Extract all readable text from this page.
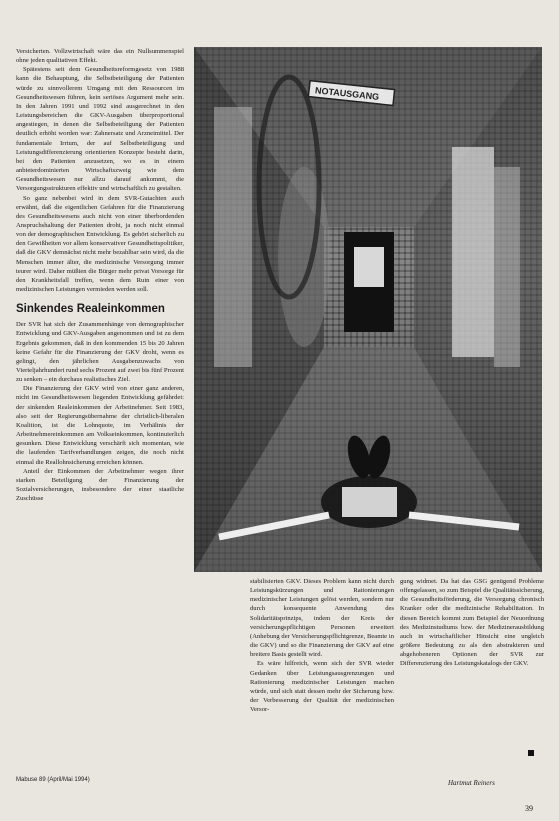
Versicherten. Vollzwirtschaft wäre das ein Nullsummenspiel ohne jeden qualitativen Effekt.

Spätestens seit dem Gesundheitsreformgesetz von 1988 kann die Behauptung, die Selbstbeteiligung der Patienten würde zu sinnvollerem Umgang mit den Ressourcen im Gesundheitswesen führen, kein seriöses Argument mehr sein. In den Jahren 1991 und 1992 sind ausgerechnet in den Leistungsbereichen die GKV-Ausgaben überproportional angestiegen, in denen die Selbstbeteiligung der Patienten deutlich erhöht worden war: Zahnersatz und Arzneimittel. Der fundamentale Irrtum, der auf Selbstbeteiligung und Leistungsdifferenzierung orientierten Konzepte besteht darin, bei den Patienten anzusetzen, wo es in einem anbieterdominierten Wirtschaftszweig wie dem Gesundheitswesen nur allzu darauf ankommt, die Versorgungsstrukturen effektiv und wirtschaftlich zu gestalten.

So ganz nebenbei wird in dem SVR-Gutachten auch erwähnt, daß die eigentlichen Gefahren für die Finanzierung des Gesundheitswesens auch nicht von einer überbordenden Anspruchshaltung der Patienten droht, ja noch nicht einmal von der demographischen Entwicklung. Es gehört sicherlich zu den Gewißheiten vor allem konservativer Gesundheitspolitiker, daß die GKV demnächst nicht mehr bezahlbar sein wird, da die Menschen immer älter, die medizinische Versorgung immer teurer wird. Daher müßten die Bürger mehr privat Vorsorge für den Krankheitsfall treffen, wenn dem Ruin einer von medizinischen Leistungen vermieden werden soll.

Sinkendes Realeinkommen

Der SVR hat sich der Zusammenhänge von demographischer Entwicklung und GKV-Ausgaben angenommen und ist zu dem Ergebnis gekommen, daß in den kommenden 15 bis 20 Jahren keine Gefahr für die Finanzierung der GKV droht, wenn es gelingt, den jährlichen Ausgabenzuwachs von Vierteljahrhundert rund sechs Prozent auf zwei bis fünf Prozent zu senken – ein durchaus realistisches Ziel.

Die Finanzierung der GKV wird von einer ganz anderen, nicht im Gesundheitswesen liegenden Entwicklung gefährdet: der sinkenden Realeinkommen der Arbeitnehmer. Seit 1983, also seit der Regierungsübernahme der christlich-liberalen Koalition, ist die Lohnquote, im Verhältnis der Arbeitnehmereinkommen am Volkseinkommen, kontinuierlich gesunken. Diese Entwicklung verschärft sich momentan, wie die laufenden Tarifverhandlungen zeigen, die noch nicht einmal die Reallohnsicherung erreichen können.

Anteil der Einkommen der Arbeitnehmer wegen ihrer starken Beteiligung der Finanzierung der Sozialversicherungen, insbesondere der einer staatliche Zuschüsse

NOTAUSGANG

stabilisierten GKV. Dieses Problem kann nicht durch Leistungskürzungen und Rationierungen medizinischer Leistungen gelöst werden, sondern nur durch konsequente Anwendung des Solidaritätsprinzips, indem der Kreis der versicherungspflichtigen Personen erweitert (Anhebung der Versicherungspflichtgrenze, Beamte in die GKV) und so die Finanzierung der GKV auf eine breitere Basis gestellt wird.

Es wäre hilfreich, wenn sich der SVR wieder Gedanken über Leistungsausgrenzungen und Rationierung medizinischer Leistungen machen würde, und sich statt dessen mehr der Sicherung bzw. der Verbesserung der Qualität der medizinischen Versor-

gung widmet. Da hat das GSG genügend Probleme offengelassen, so zum Beispiel die Qualitätssicherung, die Gesundheitsförderung, die Versorgung chronisch Kranker oder die medizinische Rehabilitation. In diesen Bereich kommt zum Beispiel der Neuordnung des Medizinstudiums bzw. der Medizinerausbildung auch in wirtschaftlicher Hinsicht eine ungleich größere Bedeutung zu als den abstrakteren und abgehobeneren Optionen der SVR zur Differenzierung des Leistungskatalogs der GKV.

Hartmut Reiners
Mabuse 89 (April/Mai 1994)
39
